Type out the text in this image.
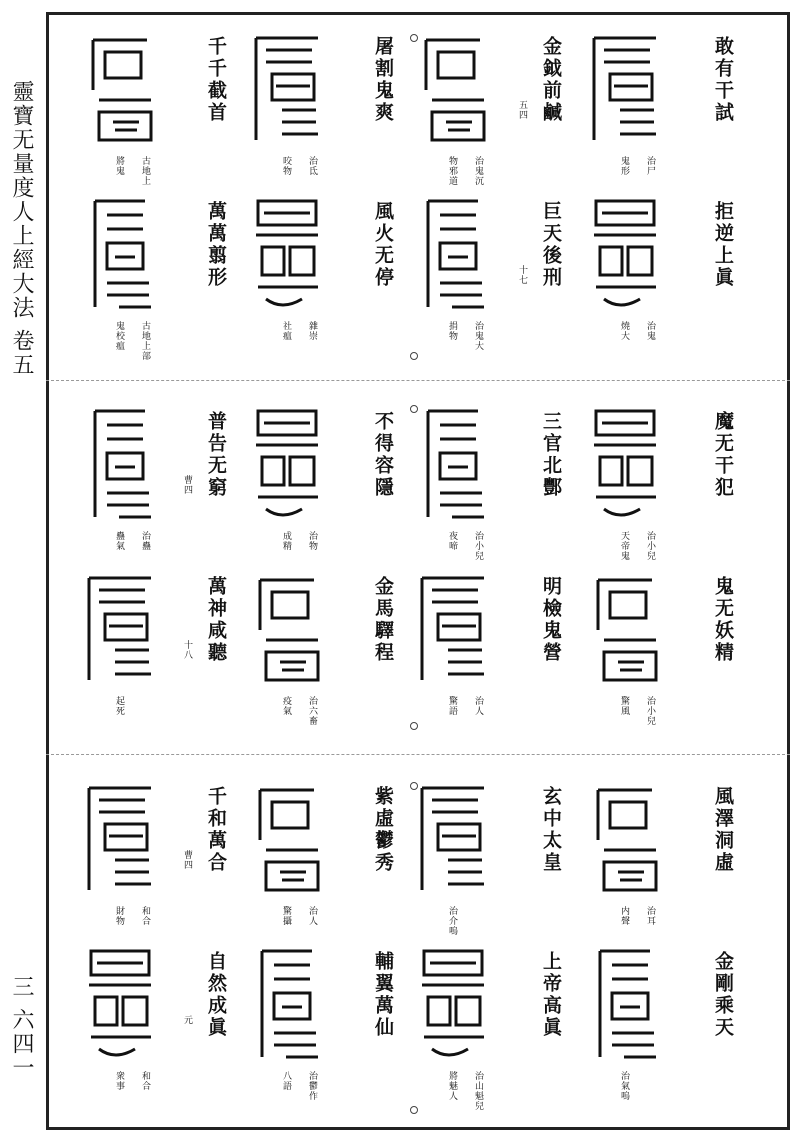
靈寶无量度人上經大法 卷五
三 六四一
敢有干試
治尸
鬼形
拒逆上眞
治鬼
燒大
金鉞前鹹
治鬼沉
物邪道
五四
巨天後刑
治鬼大
捐物
十七
屠割鬼爽
治氐
咬物
風火无停
雜崇
社瘟
千千截首
古地上
將鬼
萬萬翦形
古地上部
鬼校瘟
魔无干犯
治小兒
天帝鬼
鬼无妖精
治小兒
驚風
三官北酆
治小兒
夜啼
明檢鬼營
治人
驚語
不得容隱
治物
成精
金馬驛程
治六畜
疫氣
普告无窮
治蠱
蠱氣
曹四
萬神咸聽
起死
十八
風澤洞虛
治耳
内聲
金剛乘天
治氣嗚
玄中太皇
治介嗚
上帝高眞
治山魁兒
將魅人
紫虛鬱秀
治人
驚攝
輔翼萬仙
治鬱作
八語
千和萬合
和合
財物
曹四
自然成眞
和合
衆事
元
